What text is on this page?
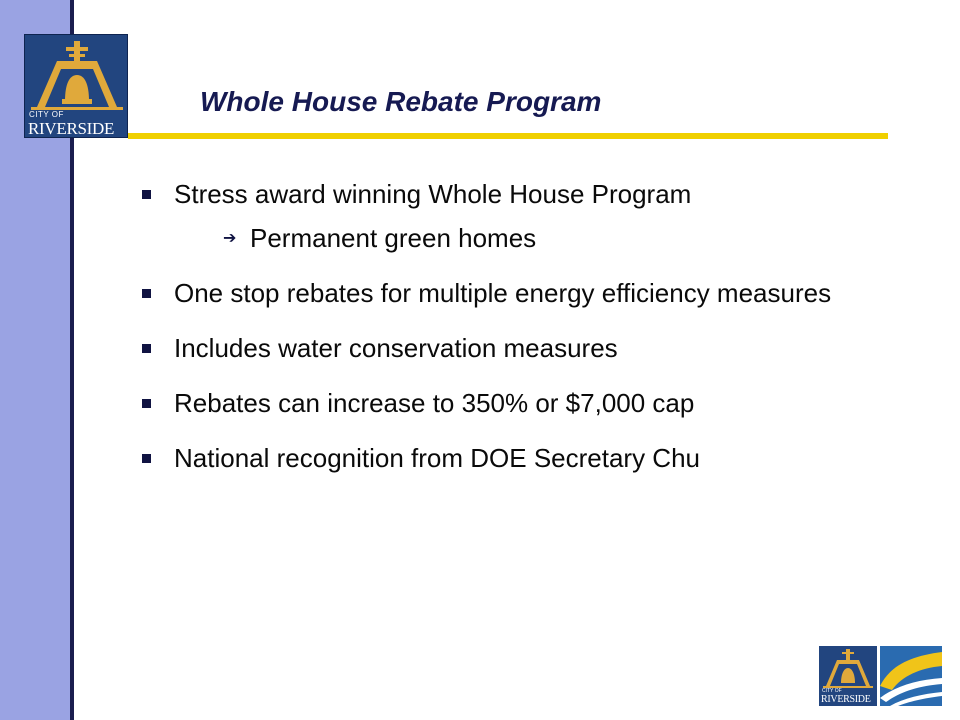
CITY OF
RIVERSIDE
Whole House Rebate Program
Stress award winning Whole House Program
➔ Permanent green homes
One stop rebates for multiple energy efficiency measures
Includes water conservation measures
Rebates can increase to 350% or $7,000 cap
National recognition from DOE Secretary Chu
CITY OF
RIVERSIDE
